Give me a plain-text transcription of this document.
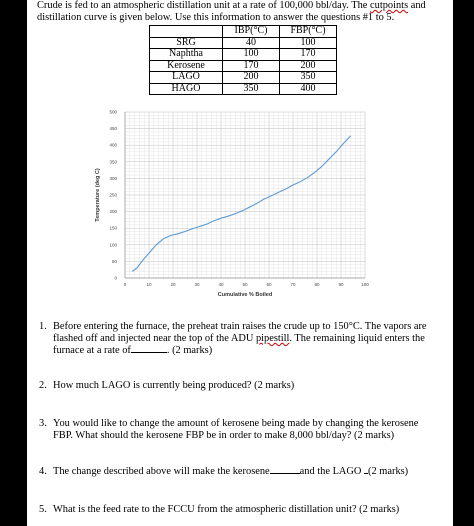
Crude is fed to an atmospheric distillation unit at a rate of 100,000 bbl/day. The cutpoints and

distillation curve is given below. Use this information to answer the questions #1 to 5.

	IBP(°C)	FBP(°C)
SRG	40	100
Naphtha	100	170
Kerosene	170	200
LAGO	200	350
HAGO	350	400
0	10	20	30	40	50	60	70	80	90	100
0
50
100
150
200
250
300
350
400
450
500
Cumulative % Boiled
Temperature (deg C)
1. Before entering the furnace, the preheat train raises the crude up to 150°C. The vapors are
flashed off and injected near the top of the ADU pipestill. The remaining liquid enters the
furnace at a rate of	. (2 marks)
2. How much LAGO is currently being produced? (2 marks)
3. You would like to change the amount of kerosene being made by changing the kerosene
FBP. What should the kerosene FBP be in order to make 8,000 bbl/day? (2 marks)
4. The change described above will make the kerosene	and the LAGO (2 marks)
5. What is the feed rate to the FCCU from the atmospheric distillation unit? (2 marks)
